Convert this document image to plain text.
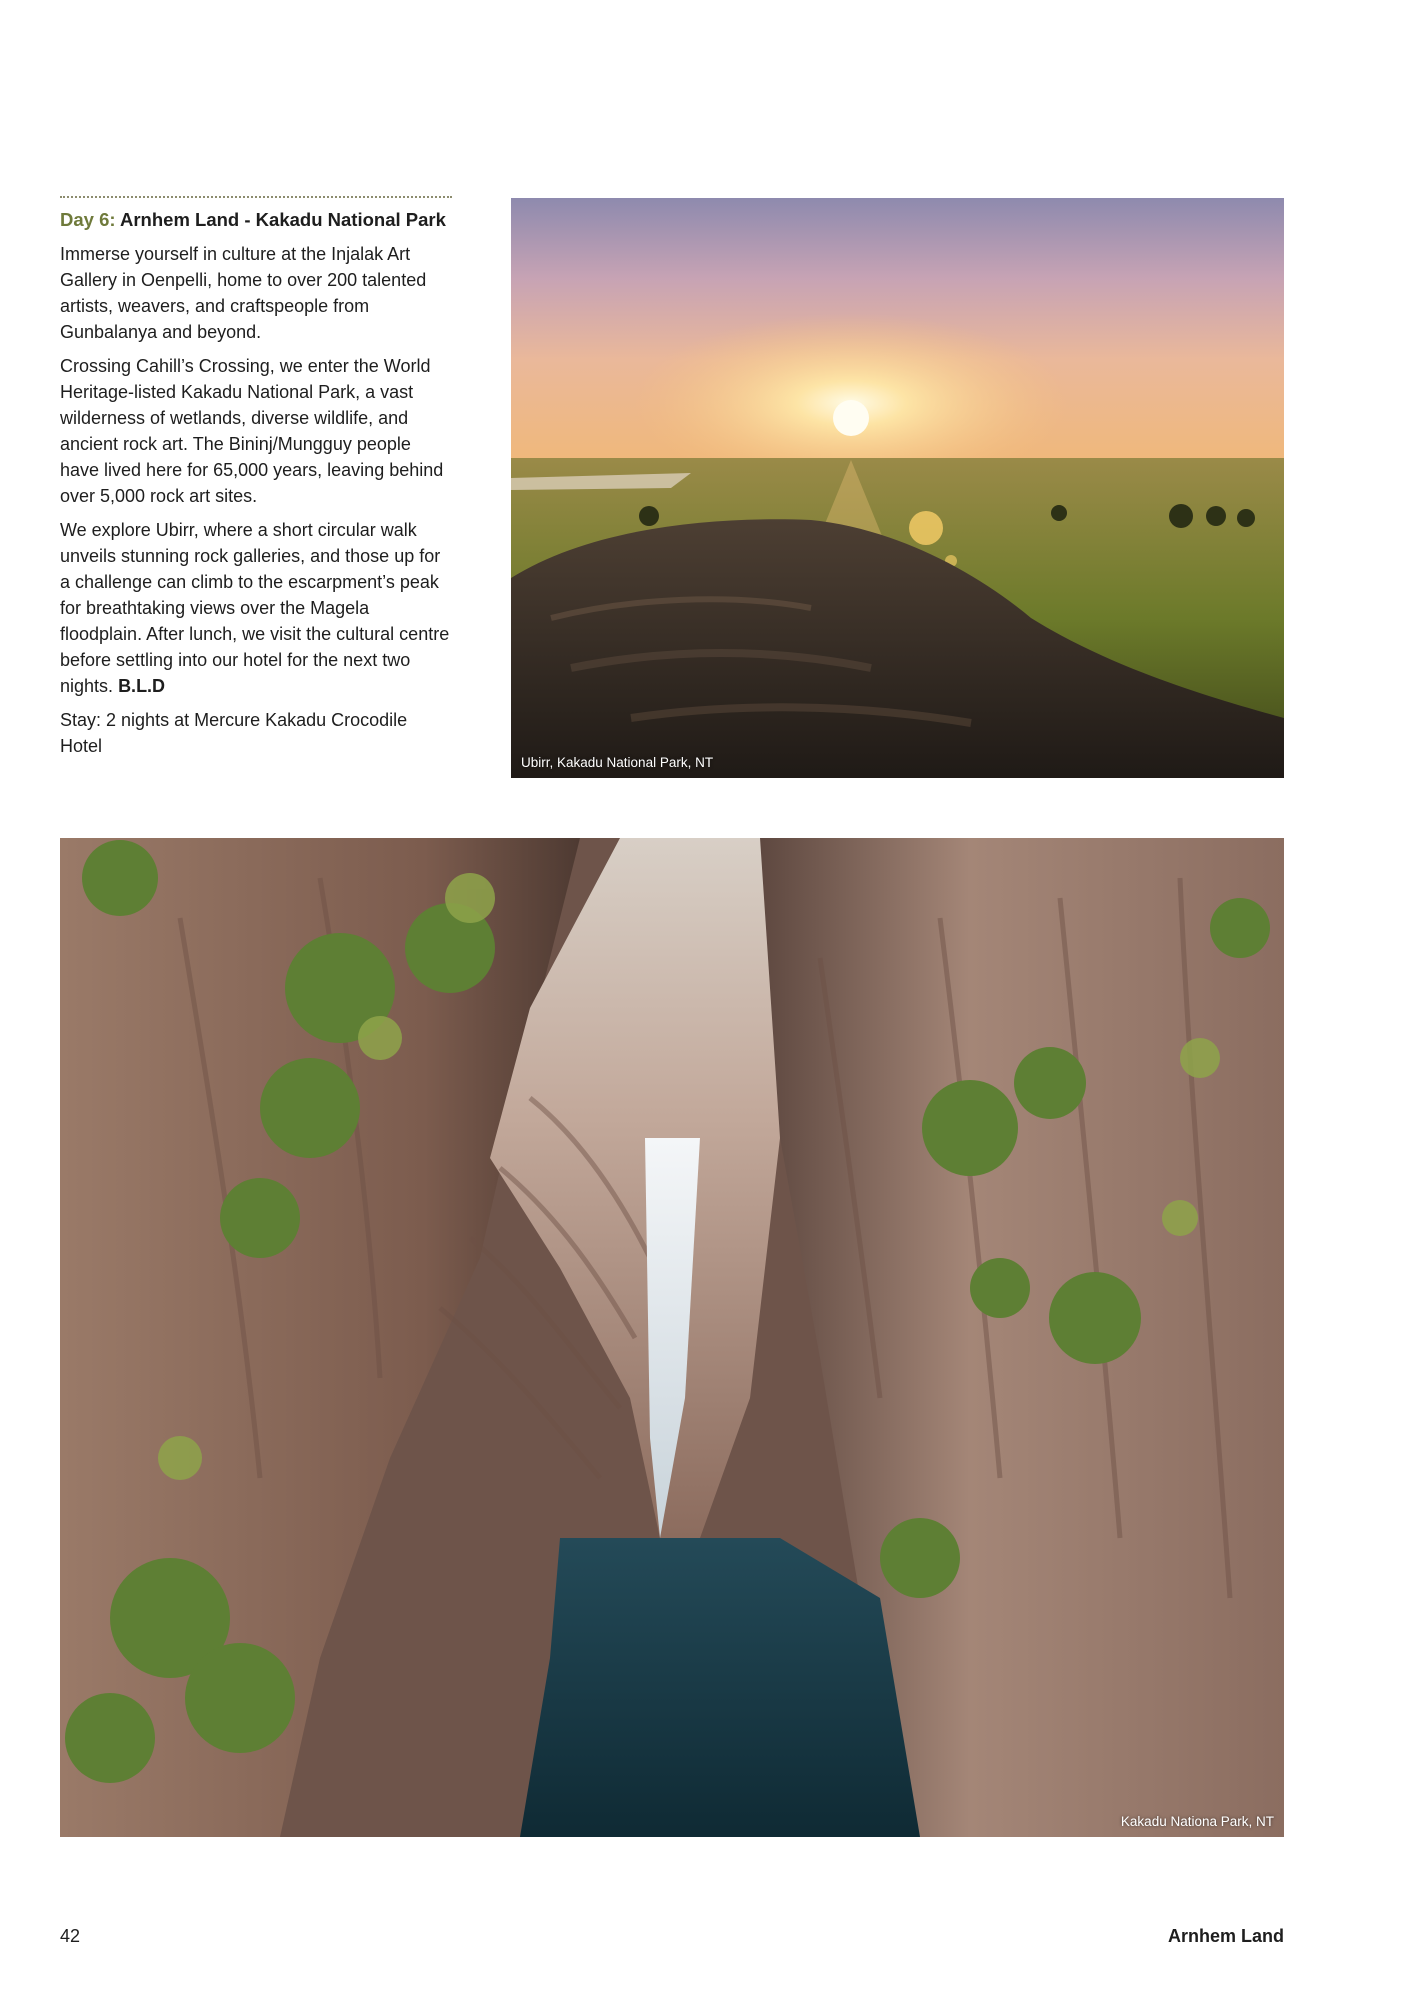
Day 6: Arnhem Land - Kakadu National Park

Immerse yourself in culture at the Injalak Art Gallery in Oenpelli, home to over 200 talented artists, weavers, and craftspeople from Gunbalanya and beyond.

Crossing Cahill’s Crossing, we enter the World Heritage-listed Kakadu National Park, a vast wilderness of wetlands, diverse wildlife, and ancient rock art. The Bininj/Mungguy people have lived here for 65,000 years, leaving behind over 5,000 rock art sites.

We explore Ubirr, where a short circular walk unveils stunning rock galleries, and those up for a challenge can climb to the escarpment’s peak for breathtaking views over the Magela floodplain. After lunch, we visit the cultural centre before settling into our hotel for the next two nights. B.L.D

Stay: 2 nights at Mercure Kakadu Crocodile Hotel

Ubirr, Kakadu National Park, NT
Kakadu Nationa Park, NT
42	Arnhem Land
